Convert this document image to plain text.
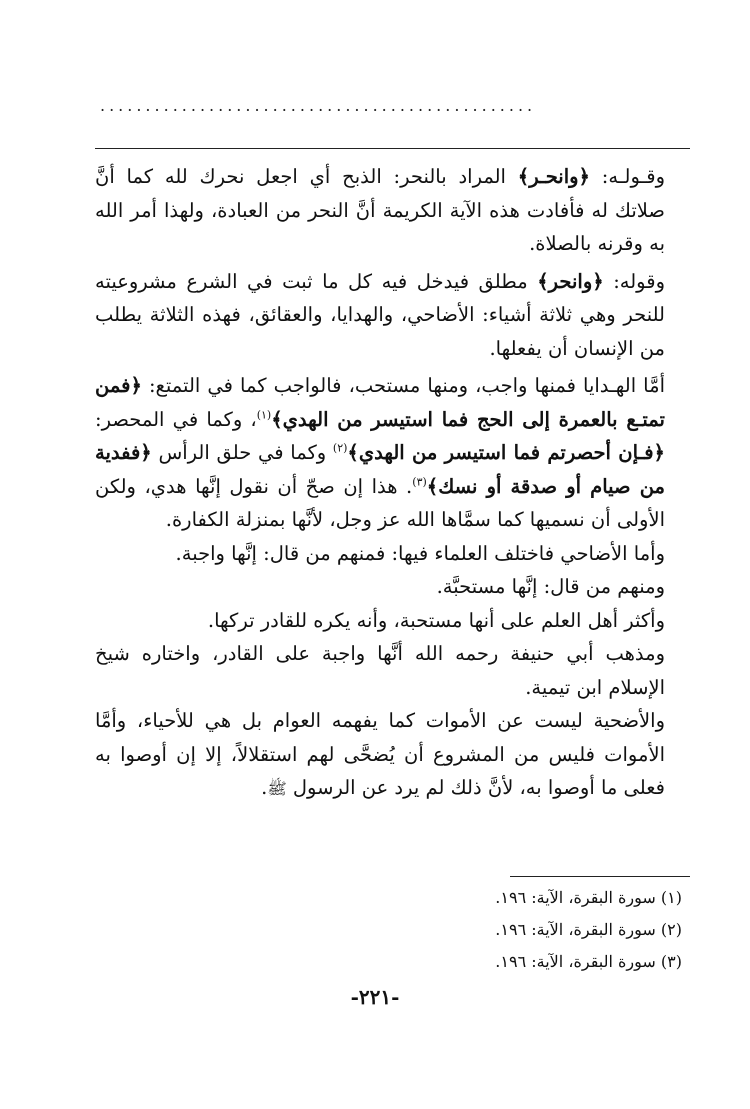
................................................

وقـولـه: ﴿وانحـر﴾ المراد بالنحر: الذبح أي اجعل نحرك لله كما أنَّ صلاتك له فأفادت هذه الآية الكريمة أنَّ النحر من العبادة، ولهذا أمر الله به وقرنه بالصلاة.

وقوله: ﴿وانحر﴾ مطلق فيدخل فيه كل ما ثبت في الشرع مشروعيته للنحر وهي ثلاثة أشياء: الأضاحي، والهدايا، والعقائق، فهذه الثلاثة يطلب من الإنسان أن يفعلها.

أمَّا الهـدايا فمنها واجب، ومنها مستحب، فالواجب كما في التمتع: ﴿فمن تمتـع بالعمرة إلى الحج فما استيسر من الهدي﴾$^{(١)}$، وكما في المحصر: ﴿فـإن أحصرتم فما استيسر من الهدي﴾$^{(٢)}$ وكما في حلق الرأس ﴿ففدية من صيام أو صدقة أو نسك﴾$^{(٣)}$. هذا إن صحّ أن نقول إنَّها هدي، ولكن الأولى أن نسميها كما سمَّاها الله عز وجل، لأنَّها بمنزلة الكفارة.

وأما الأضاحي فاختلف العلماء فيها: فمنهم من قال: إنَّها واجبة.

ومنهم من قال: إنَّها مستحبَّة.

وأكثر أهل العلم على أنها مستحبة، وأنه يكره للقادر تركها.

ومذهب أبي حنيفة رحمه الله أنَّها واجبة على القادر، واختاره شيخ الإسلام ابن تيمية.

والأضحية ليست عن الأموات كما يفهمه العوام بل هي للأحياء، وأمَّا الأموات فليس من المشروع أن يُضحَّى لهم استقلالاً، إلا إن أوصوا به فعلى ما أوصوا به، لأنَّ ذلك لم يرد عن الرسول ﷺ.

(١) سورة البقرة، الآية: ١٩٦.
(٢) سورة البقرة، الآية: ١٩٦.
(٣) سورة البقرة، الآية: ١٩٦.
-٢٢١-
